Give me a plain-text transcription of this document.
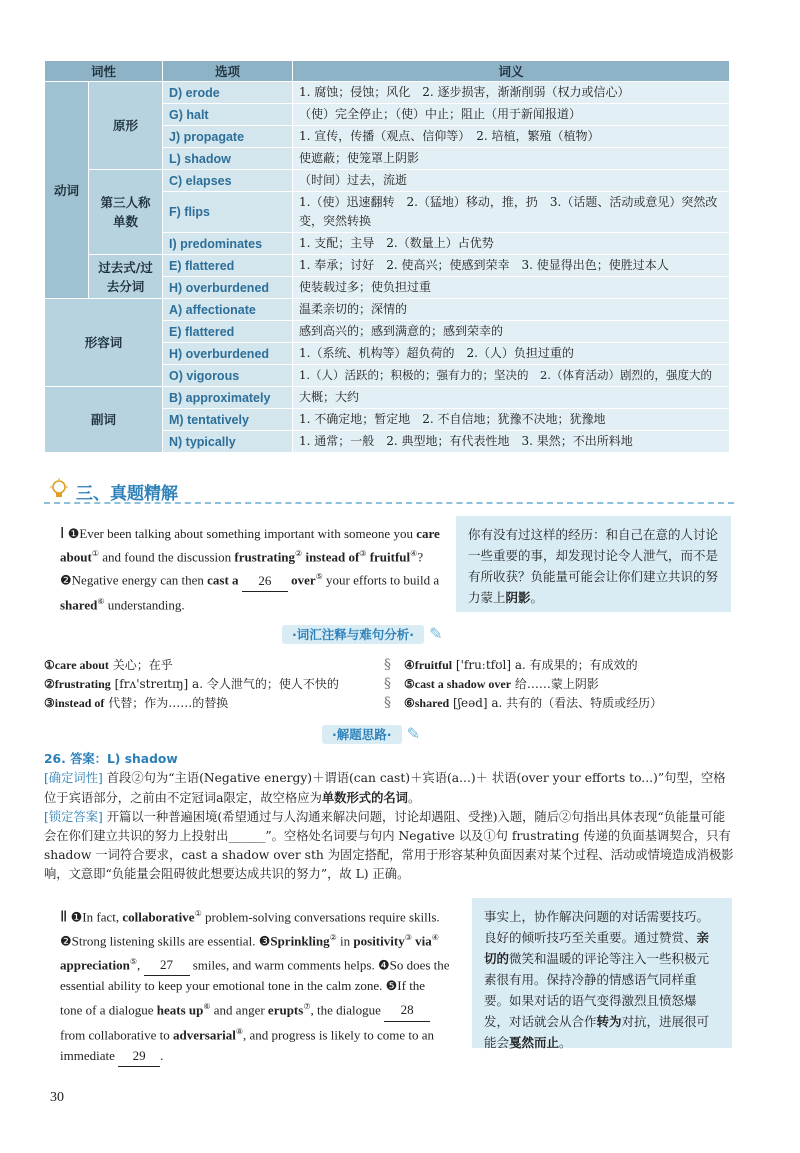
词性		选项	词义
动词	原形	D) erode	1. 腐蚀；侵蚀；风化　2. 逐步损害，渐渐削弱（权力或信心）
		G) halt	（使）完全停止；（使）中止；阻止（用于新闻报道）
		J) propagate	1. 宣传，传播（观点、信仰等）　2. 培植，繁殖（植物）
		L) shadow	使遮蔽；使笼罩上阴影
	第三人称单数	C) elapses	（时间）过去，流逝
		F) flips	1.（使）迅速翻转　2.（猛地）移动，推，扔　3.（话题、活动或意见）突然改变，突然转换
		I) predominates	1. 支配；主导　2.（数量上）占优势
	过去式/过去分词	E) flattered	1. 奉承；讨好　2. 使高兴；使感到荣幸　3. 使显得出色；使胜过本人
		H) overburdened	使装载过多；使负担过重
形容词		A) affectionate	温柔亲切的；深情的
		E) flattered	感到高兴的；感到满意的；感到荣幸的
		H) overburdened	1.（系统、机构等）超负荷的　2.（人）负担过重的
		O) vigorous	1.（人）活跃的；积极的；强有力的；坚决的　2.（体育活动）剧烈的，强度大的
副词		B) approximately	大概；大约
		M) tentatively	1. 不确定地；暂定地　2. 不自信地；犹豫不决地；犹豫地
		N) typically	1. 通常；一般　2. 典型地；有代表性地　3. 果然；不出所料地
三、真题精解
Ⅰ ❶Ever been talking about something important with someone you care about① and found the discussion frustrating② instead of③ fruitful④? ❷Negative energy can then cast a 26 over⑤ your efforts to build a shared⑥ understanding.
你有没有过这样的经历：和自己在意的人讨论一些重要的事，却发现讨论令人泄气，而不是有所收获？负能量可能会让你们建立共识的努力蒙上阴影。
·词汇注释与难句分析· ✎
①care about 关心；在乎
②frustrating [frʌ'streɪtɪŋ] a. 令人泄气的；使人不快的
③instead of 代替；作为……的替换
§
§
§
④fruitful ['fruːtfʊl] a. 有成果的；有成效的
⑤cast a shadow over 给……蒙上阴影
⑥shared [ʃeəd] a. 共有的（看法、特质或经历）
·解题思路· ✎
26. 答案：L) shadow
[确定词性] 首段②句为“主语(Negative energy)＋谓语(can cast)＋宾语(a...)＋ 状语(over your efforts to...)”句型，空格位于宾语部分，之前由不定冠词a限定，故空格应为单数形式的名词。
[锁定答案] 开篇以一种普遍困境(希望通过与人沟通来解决问题，讨论却遇阻、受挫)入题，随后②句指出具体表现“负能量可能会在你们建立共识的努力上投射出______”。空格处名词要与句内 Negative 以及①句 frustrating 传递的负面基调契合，只有 shadow 一词符合要求，cast a shadow over sth 为固定搭配，常用于形容某种负面因素对某个过程、活动或情境造成消极影响，文意即“负能量会阻碍彼此想要达成共识的努力”，故 L) 正确。
Ⅱ ❶In fact, collaborative① problem-solving conversations require skills. ❷Strong listening skills are essential. ❸Sprinkling② in positivity③ via④ appreciation⑤, 27 smiles, and warm comments helps. ❹So does the essential ability to keep your emotional tone in the calm zone. ❺If the tone of a dialogue heats up⑥ and anger erupts⑦, the dialogue 28 from collaborative to adversarial⑧, and progress is likely to come to an immediate 29 .
事实上，协作解决问题的对话需要技巧。良好的倾听技巧至关重要。通过赞赏、亲切的微笑和温暖的评论等注入一些积极元素很有用。保持冷静的情感语气同样重要。如果对话的语气变得激烈且愤怒爆发，对话就会从合作转为对抗，进展很可能会戛然而止。
30
